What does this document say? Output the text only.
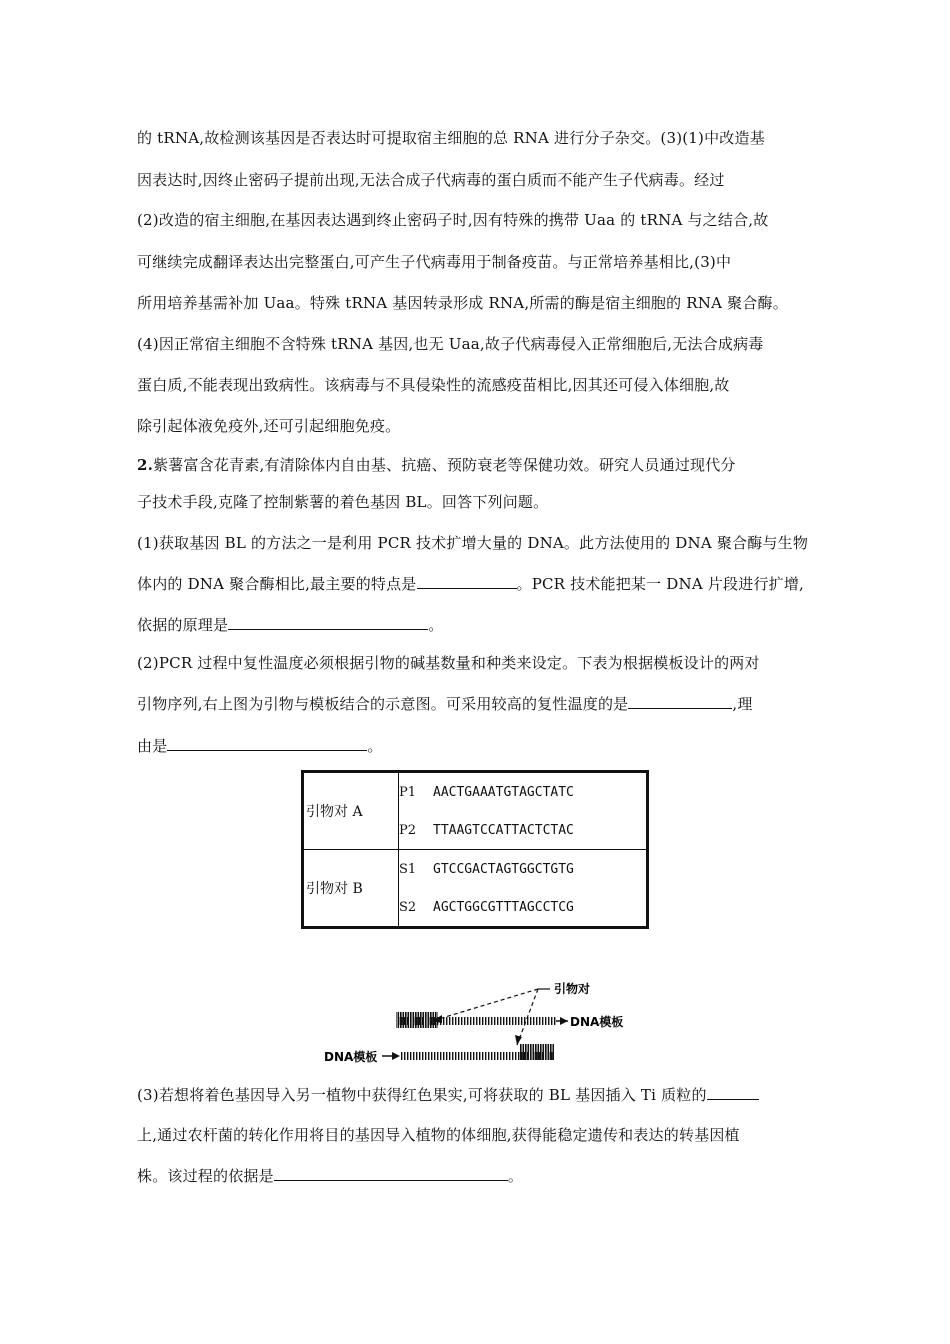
的 tRNA,故检测该基因是否表达时可提取宿主细胞的总 RNA 进行分子杂交。(3)(1)中改造基
因表达时,因终止密码子提前出现,无法合成子代病毒的蛋白质而不能产生子代病毒。经过
(2)改造的宿主细胞,在基因表达遇到终止密码子时,因有特殊的携带 Uaa 的 tRNA 与之结合,故
可继续完成翻译表达出完整蛋白,可产生子代病毒用于制备疫苗。与正常培养基相比,(3)中
所用培养基需补加 Uaa。特殊 tRNA 基因转录形成 RNA,所需的酶是宿主细胞的 RNA 聚合酶。
(4)因正常宿主细胞不含特殊 tRNA 基因,也无 Uaa,故子代病毒侵入正常细胞后,无法合成病毒
蛋白质,不能表现出致病性。该病毒与不具侵染性的流感疫苗相比,因其还可侵入体细胞,故
除引起体液免疫外,还可引起细胞免疫。
2.紫薯富含花青素,有清除体内自由基、抗癌、预防衰老等保健功效。研究人员通过现代分
子技术手段,克隆了控制紫薯的着色基因 BL。回答下列问题。
(1)获取基因 BL 的方法之一是利用 PCR 技术扩增大量的 DNA。此方法使用的 DNA 聚合酶与生物
体内的 DNA 聚合酶相比,最主要的特点是	。PCR 技术能把某一 DNA 片段进行扩增,
依据的原理是	。
(2)PCR 过程中复性温度必须根据引物的碱基数量和种类来设定。下表为根据模板设计的两对
引物序列,右上图为引物与模板结合的示意图。可采用较高的复性温度的是	,理
由是	。
引物对 A	P1 AACTGAAATGTAGCTATC
P2 TTAAGTCCATTACTCTAC

引物对 B	S1 GTCCGACTAGTGGCTGTG
S2 AGCTGGCGTTTAGCCTCG
DNA模板
DNA模板
引物对
(3)若想将着色基因导入另一植物中获得红色果实,可将获取的 BL 基因插入 Ti 质粒的
上,通过农杆菌的转化作用将目的基因导入植物的体细胞,获得能稳定遗传和表达的转基因植
株。该过程的依据是	。
